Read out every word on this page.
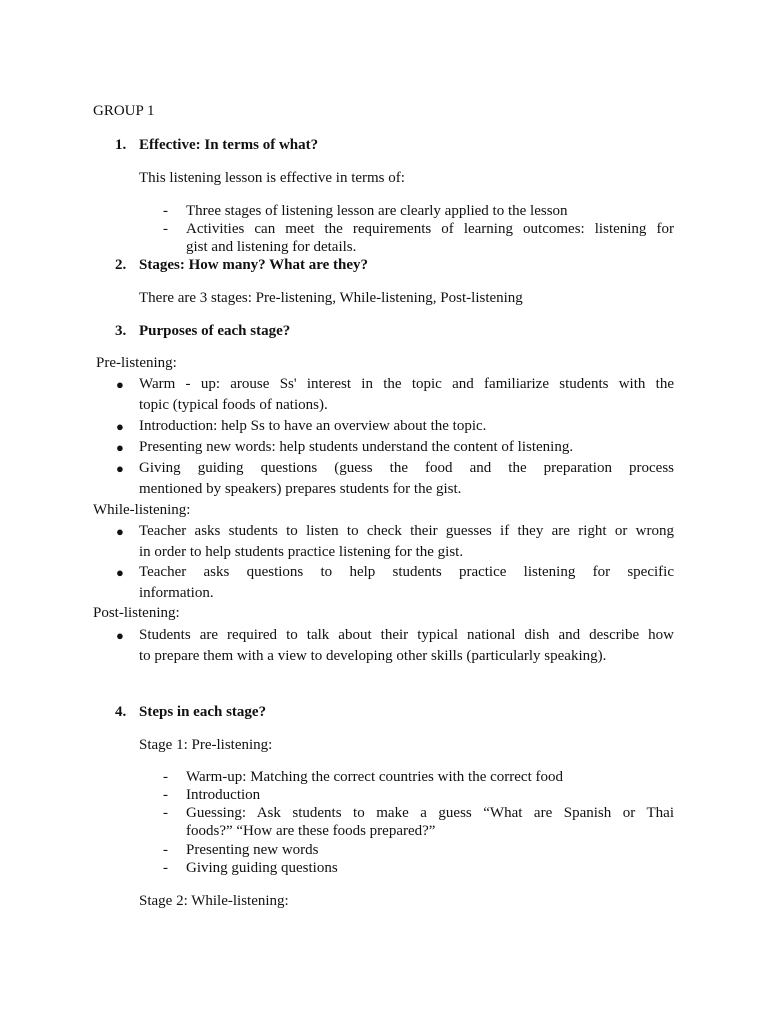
GROUP 1
1. Effective: In terms of what?
This listening lesson is effective in terms of:
- Three stages of listening lesson are clearly applied to the lesson
- Activities can meet the requirements of learning outcomes: listening for
gist and listening for details.
2. Stages: How many? What are they?
There are 3 stages: Pre-listening, While-listening, Post-listening
3. Purposes of each stage?
Pre-listening:
● Warm - up: arouse Ss' interest in the topic and familiarize students with the
topic (typical foods of nations).
● Introduction: help Ss to have an overview about the topic.
● Presenting new words: help students understand the content of listening.
● Giving guiding questions (guess the food and the preparation process
mentioned by speakers) prepares students for the gist.
While-listening:
● Teacher asks students to listen to check their guesses if they are right or wrong
in order to help students practice listening for the gist.
● Teacher asks questions to help students practice listening for specific
information.
Post-listening:
● Students are required to talk about their typical national dish and describe how
to prepare them with a view to developing other skills (particularly speaking).
4. Steps in each stage?
Stage 1: Pre-listening:
- Warm-up: Matching the correct countries with the correct food
- Introduction
- Guessing: Ask students to make a guess “What are Spanish or Thai
foods?” “How are these foods prepared?”
- Presenting new words
- Giving guiding questions
Stage 2: While-listening:
